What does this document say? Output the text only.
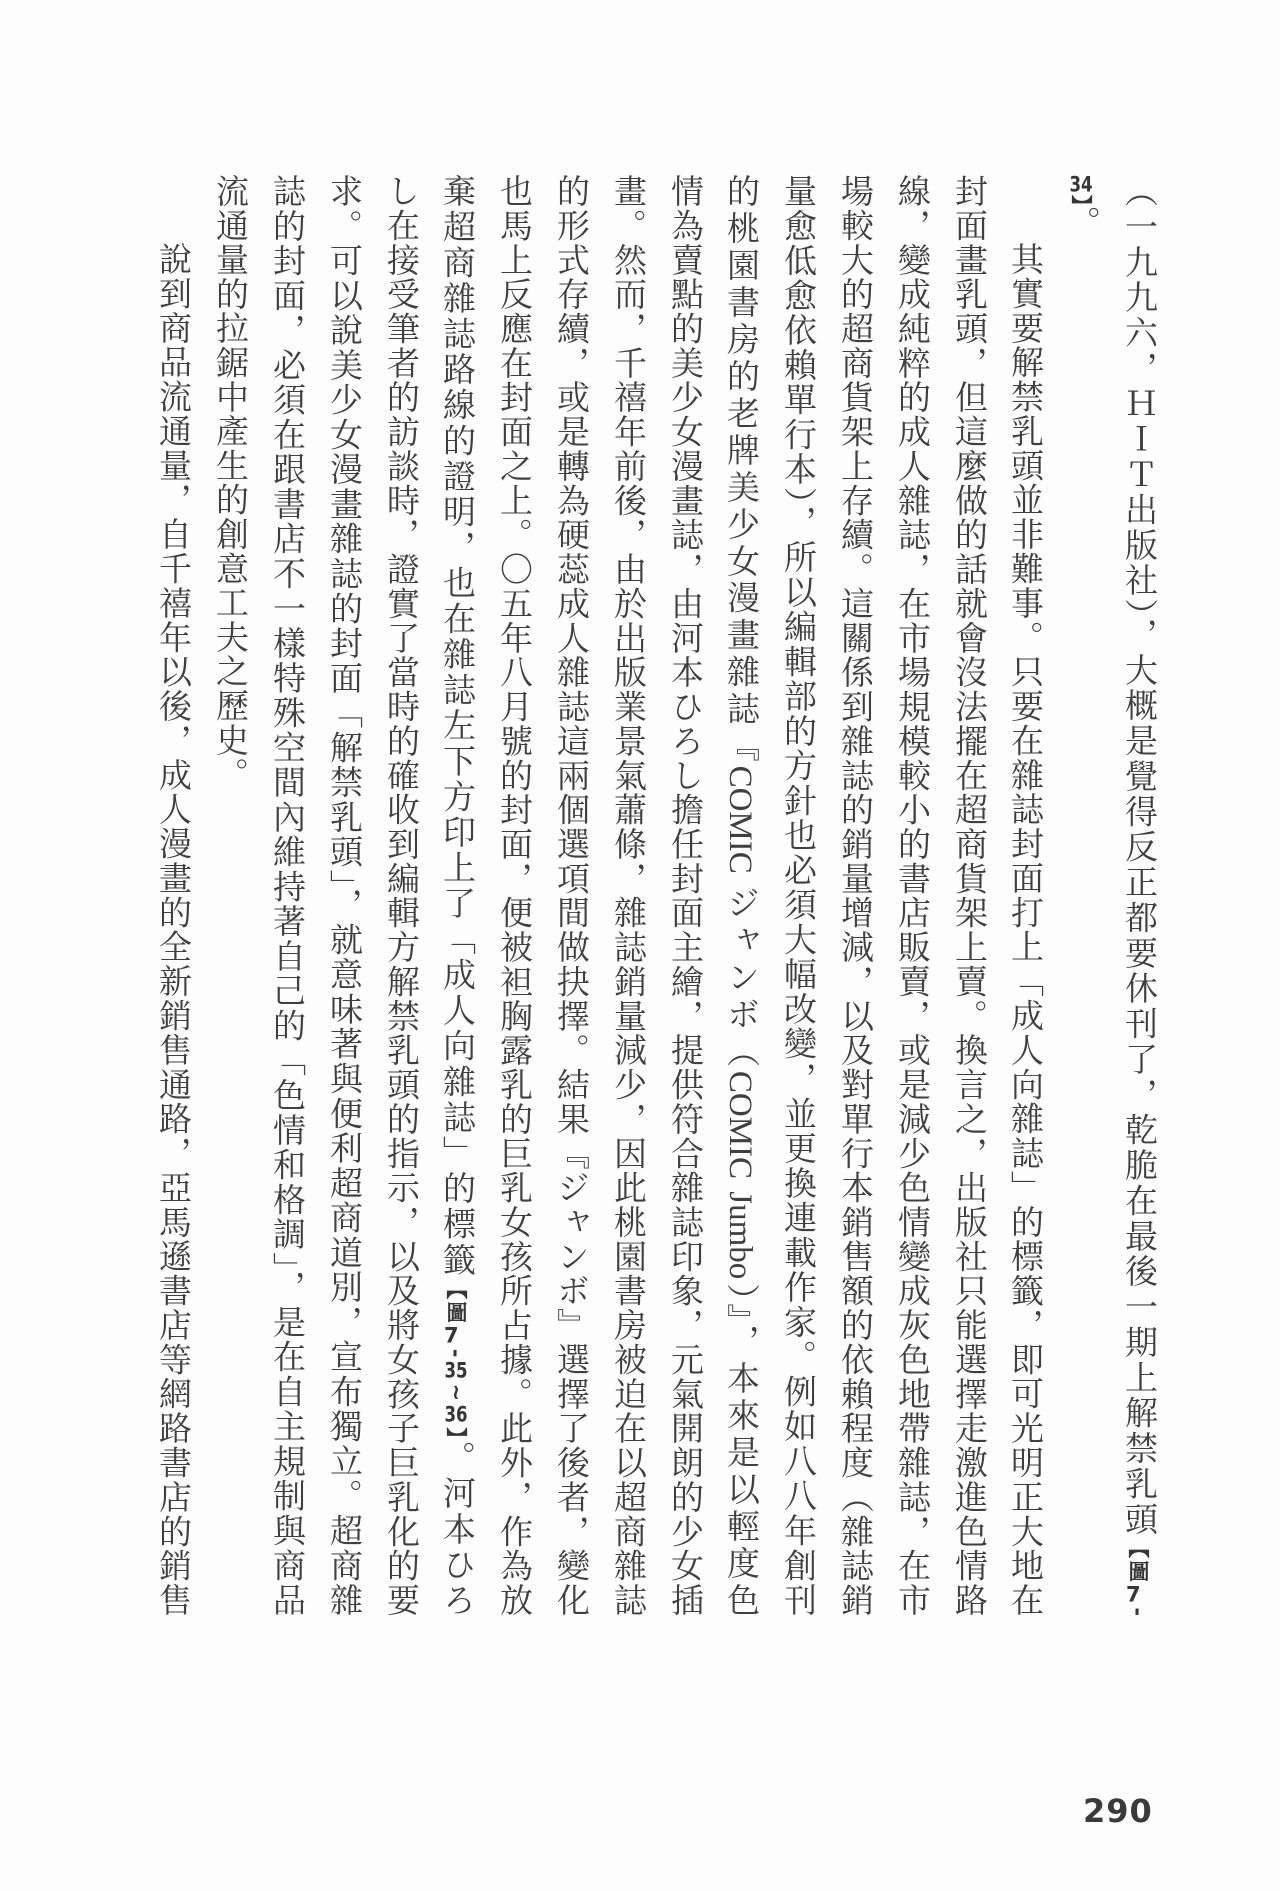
（一九九六，ＨＩＴ出版社），大概是覺得反正都要休刊了，乾脆在最後一期上解禁乳頭【圖7-
34】。
其實要解禁乳頭並非難事。只要在雜誌封面打上「成人向雜誌」的標籤，即可光明正大地在
封面畫乳頭，但這麼做的話就會沒法擺在超商貨架上賣。換言之，出版社只能選擇走激進色情路
線，變成純粹的成人雜誌，在市場規模較小的書店販賣，或是減少色情變成灰色地帶雜誌，在市
場較大的超商貨架上存續。這關係到雜誌的銷量增減，以及對單行本銷售額的依賴程度（雜誌銷
量愈低愈依賴單行本），所以編輯部的方針也必須大幅改變，並更換連載作家。例如八八年創刊
的桃園書房的老牌美少女漫畫雜誌『COMIC ジャンボ（COMIC Jumbo）』，本來是以輕度色
情為賣點的美少女漫畫誌，由河本ひろし擔任封面主繪，提供符合雜誌印象，元氣開朗的少女插
畫。然而，千禧年前後，由於出版業景氣蕭條，雜誌銷量減少，因此桃園書房被迫在以超商雜誌
的形式存續，或是轉為硬蕊成人雜誌這兩個選項間做抉擇。結果『ジャンボ』選擇了後者，變化
也馬上反應在封面之上。〇五年八月號的封面，便被袒胸露乳的巨乳女孩所占據。此外，作為放
棄超商雜誌路線的證明，也在雜誌左下方印上了「成人向雜誌」的標籤【圖7-35~36】。河本ひろ
し在接受筆者的訪談時，證實了當時的確收到編輯方解禁乳頭的指示，以及將女孩子巨乳化的要
求。可以說美少女漫畫雜誌的封面「解禁乳頭」，就意味著與便利超商道別，宣布獨立。超商雜
誌的封面，必須在跟書店不一樣特殊空間內維持著自己的「色情和格調」，是在自主規制與商品
流通量的拉鋸中產生的創意工夫之歷史。
說到商品流通量，自千禧年以後，成人漫畫的全新銷售通路，亞馬遜書店等網路書店的銷售
290
